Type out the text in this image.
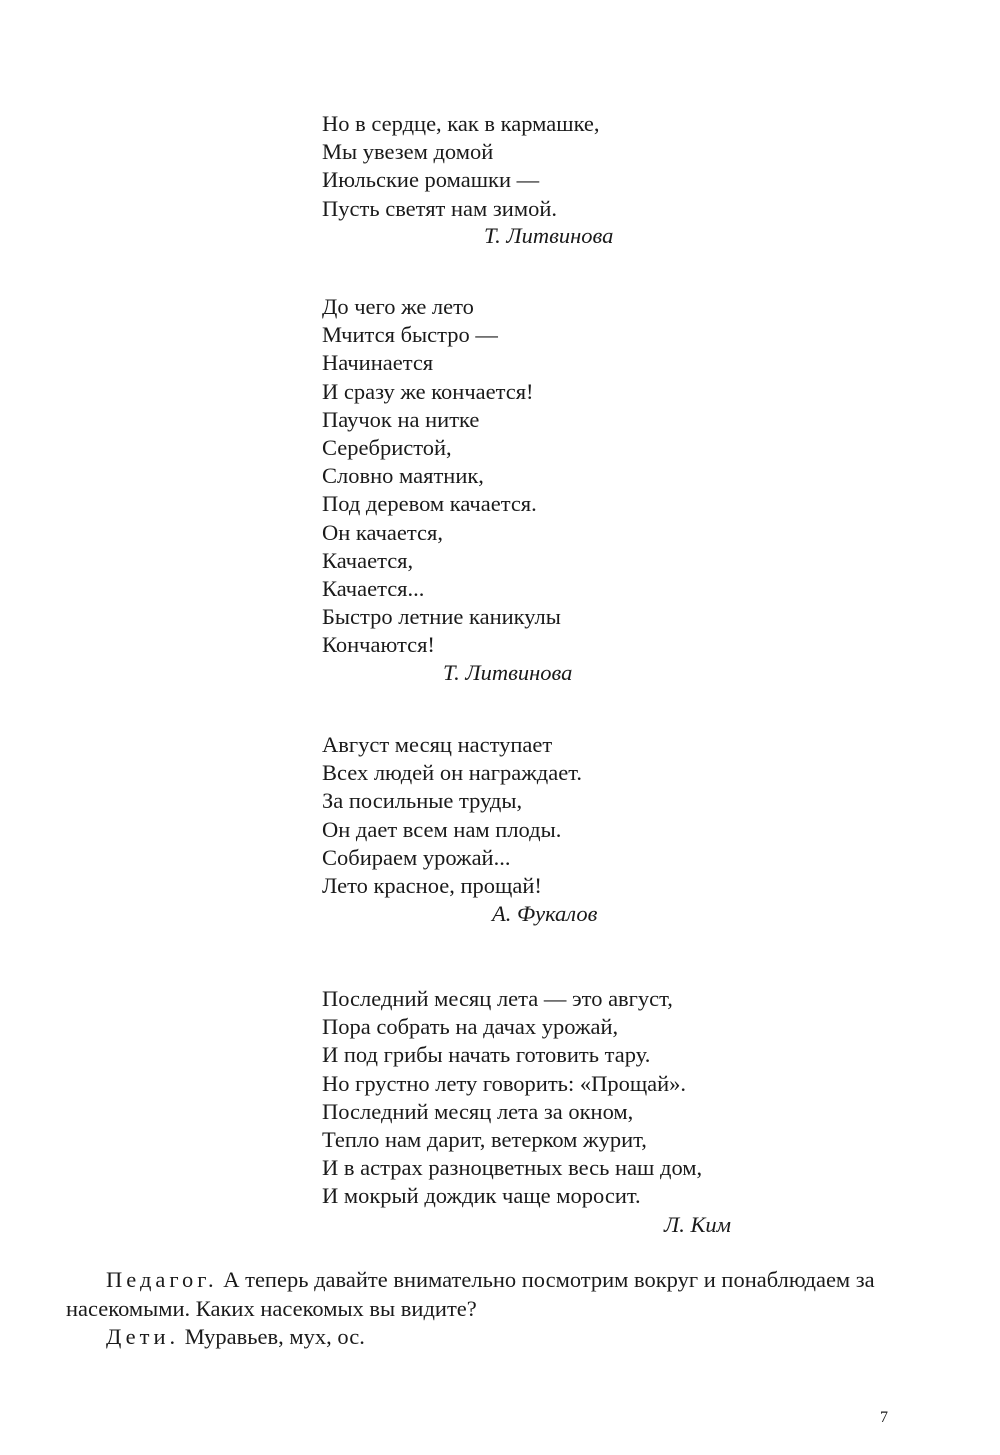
Но в сердце, как в кармашке,
Мы увезем домой
Июльские ромашки —
Пусть светят нам зимой.
Т. Литвинова
До чего же лето
Мчится быстро —
Начинается
И сразу же кончается!
Паучок на нитке
Серебристой,
Словно маятник,
Под деревом качается.
Он качается,
Качается,
Качается...
Быстро летние каникулы
Кончаются!
Т. Литвинова
Август месяц наступает
Всех людей он награждает.
За посильные труды,
Он дает всем нам плоды.
Собираем урожай...
Лето красное, прощай!
А. Фукалов
Последний месяц лета — это август,
Пора собрать на дачах урожай,
И под грибы начать готовить тару.
Но грустно лету говорить: «Прощай».
Последний месяц лета за окном,
Тепло нам дарит, ветерком журит,
И в астрах разноцветных весь наш дом,
И мокрый дождик чаще моросит.
Л. Ким

Педагог. А теперь давайте внимательно посмотрим вокруг и понаблюдаем за насекомыми. Каких насекомых вы видите?

Дети. Муравьев, мух, ос.

7
